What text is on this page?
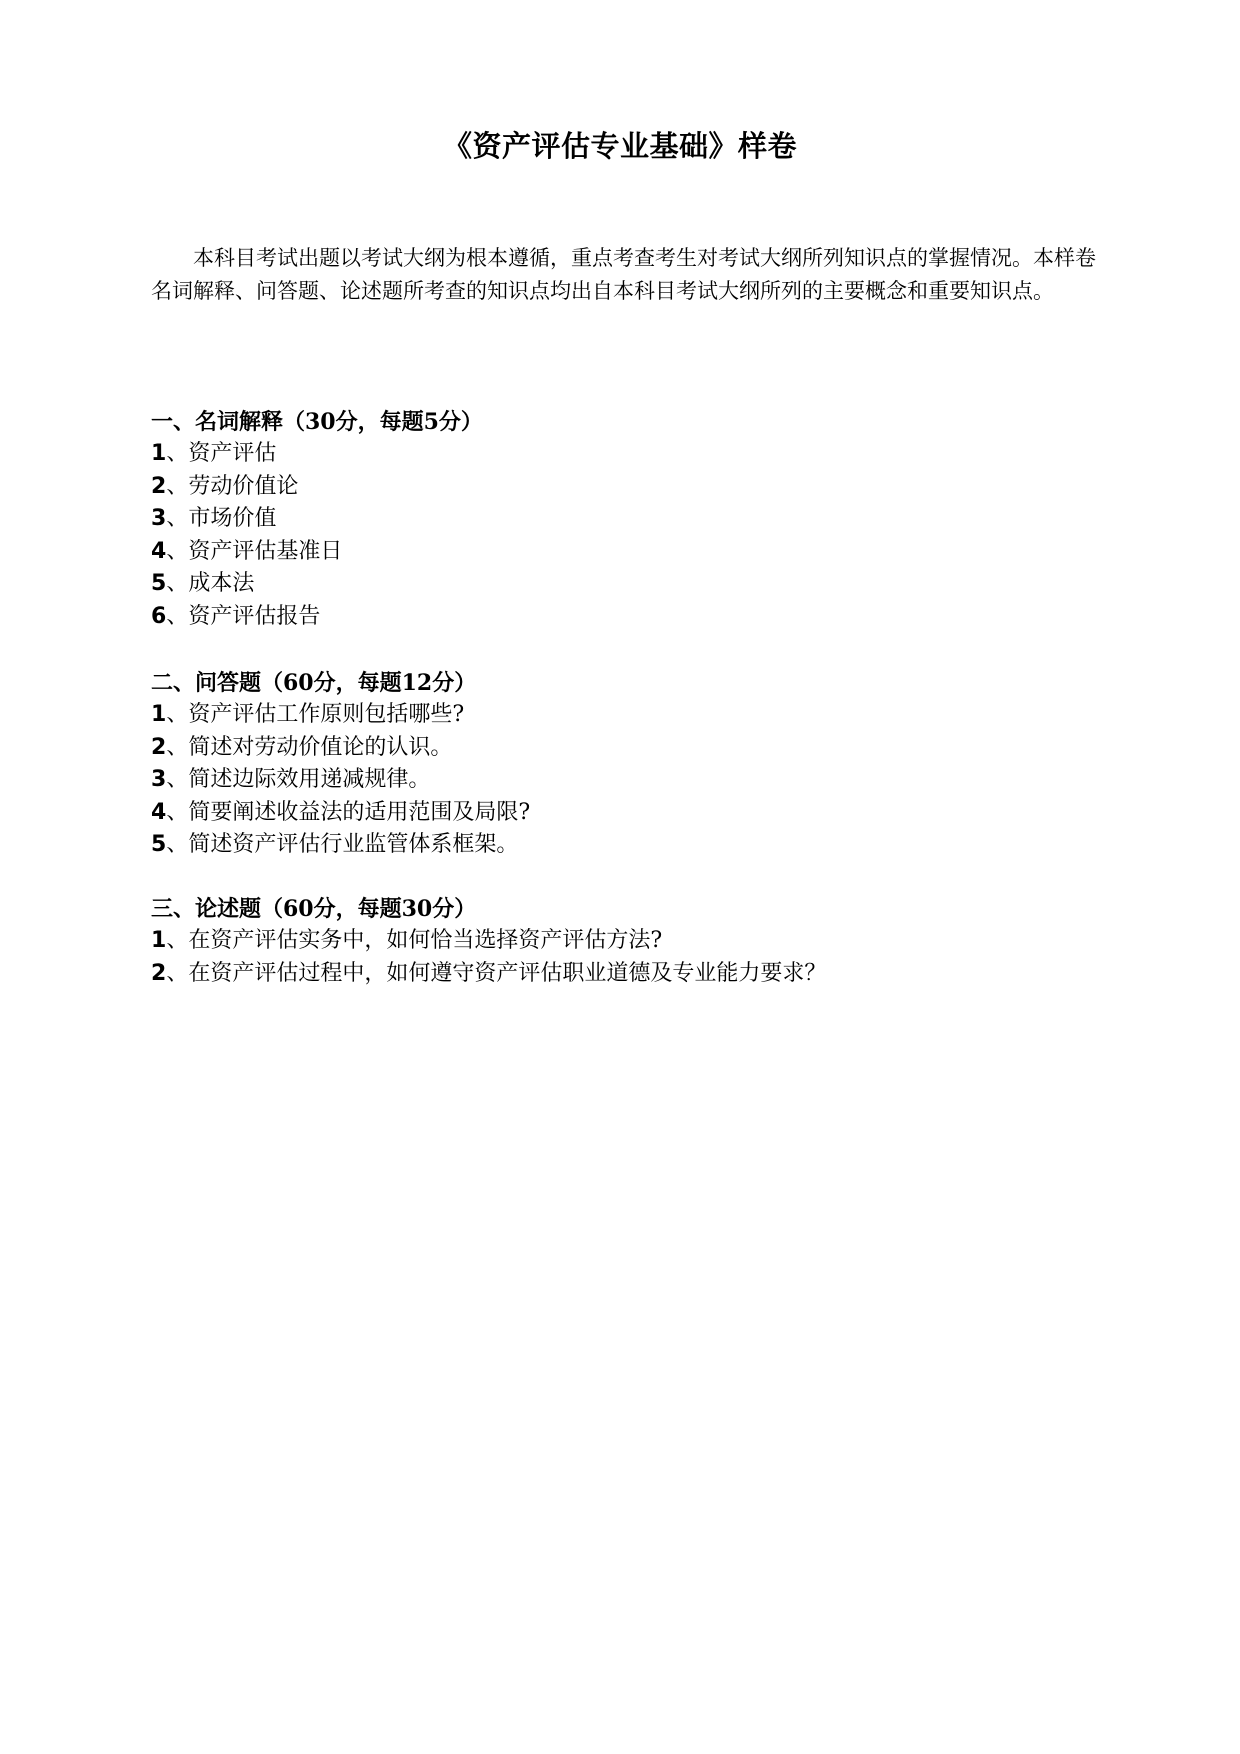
《资产评估专业基础》样卷

本科目考试出题以考试大纲为根本遵循，重点考查考生对考试大纲所列知识点的掌握情况。本样卷名词解释、问答题、论述题所考查的知识点均出自本科目考试大纲所列的主要概念和重要知识点。

一、名词解释（30分，每题5分）

1、资产评估

2、劳动价值论

3、市场价值

4、资产评估基准日

5、成本法

6、资产评估报告

二、问答题（60分，每题12分）

1、资产评估工作原则包括哪些?

2、简述对劳动价值论的认识。

3、简述边际效用递减规律。

4、简要阐述收益法的适用范围及局限?

5、简述资产评估行业监管体系框架。

三、论述题（60分，每题30分）

1、在资产评估实务中，如何恰当选择资产评估方法?

2、在资产评估过程中，如何遵守资产评估职业道德及专业能力要求？
